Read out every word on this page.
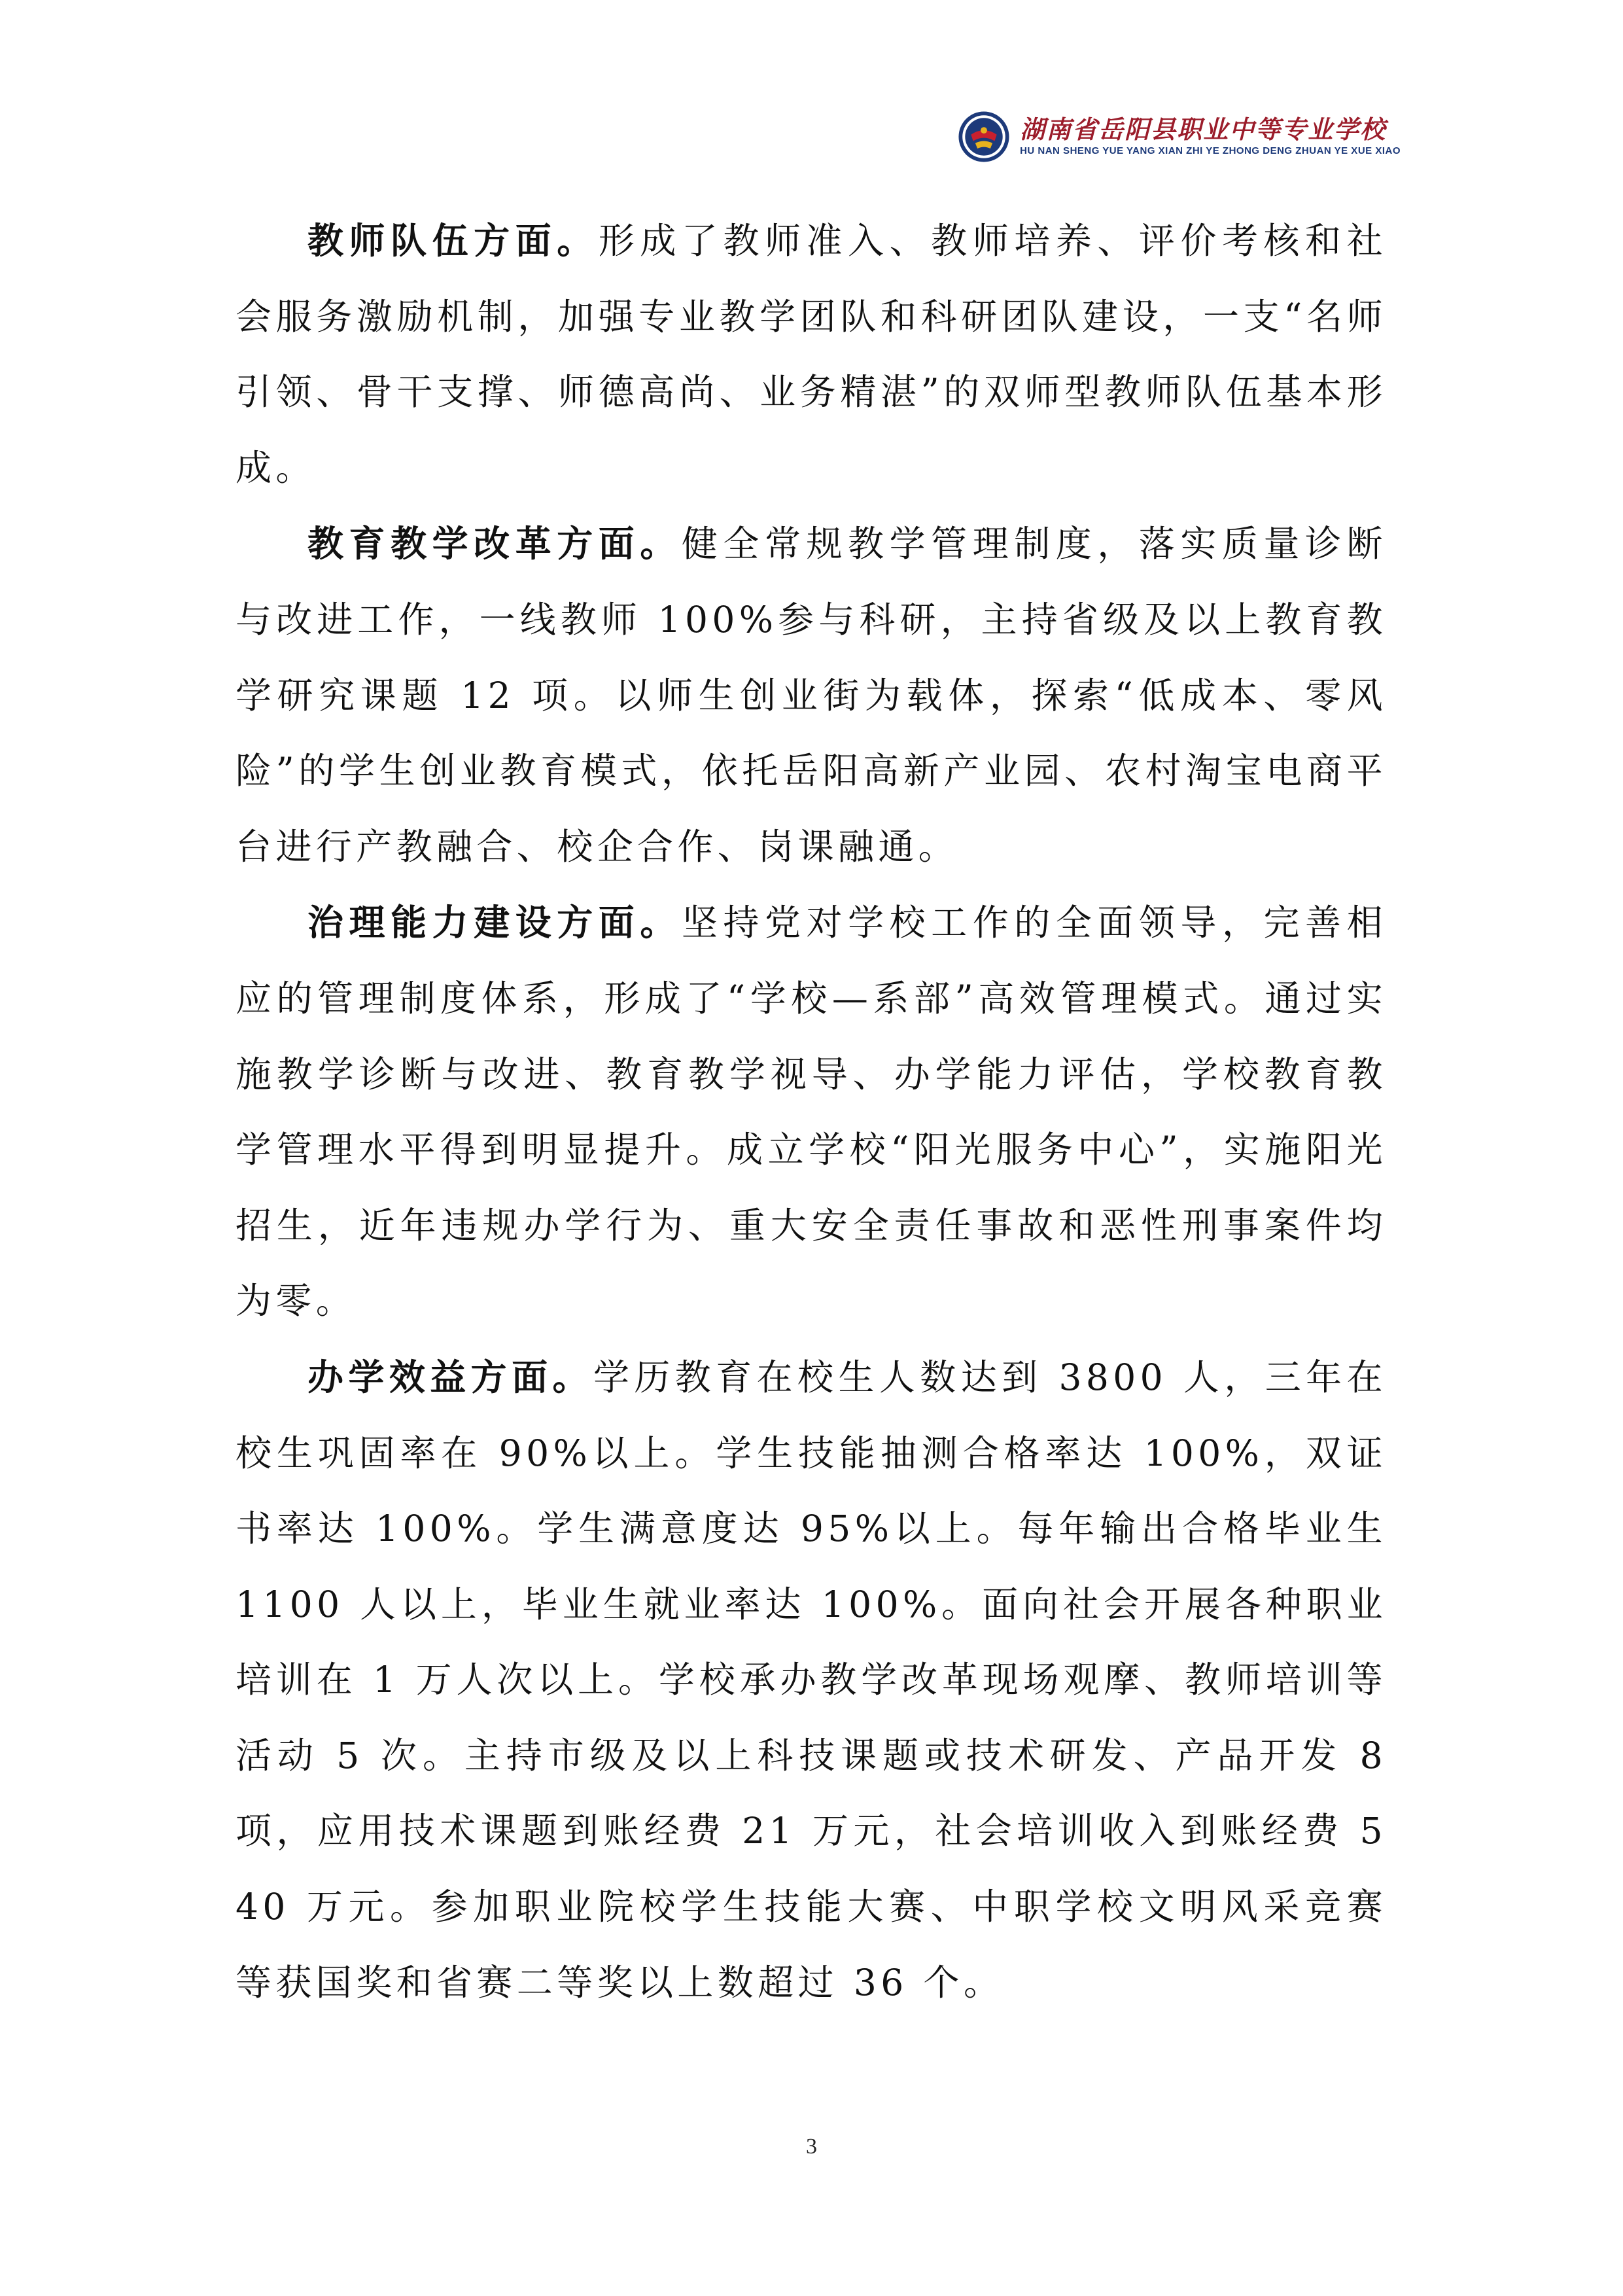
湖南省岳阳县职业中等专业学校
HU NAN SHENG YUE YANG XIAN ZHI YE ZHONG DENG ZHUAN YE XUE XIAO

教师队伍方面。形成了教师准入、教师培养、评价考核和社会服务激励机制，加强专业教学团队和科研团队建设，一支“名师引领、骨干支撑、师德高尚、业务精湛”的双师型教师队伍基本形成。

教育教学改革方面。健全常规教学管理制度，落实质量诊断与改进工作，一线教师 100%参与科研，主持省级及以上教育教学研究课题 12 项。以师生创业街为载体，探索“低成本、零风险”的学生创业教育模式，依托岳阳高新产业园、农村淘宝电商平台进行产教融合、校企合作、岗课融通。

治理能力建设方面。坚持党对学校工作的全面领导，完善相应的管理制度体系，形成了“学校—系部”高效管理模式。通过实施教学诊断与改进、教育教学视导、办学能力评估，学校教育教学管理水平得到明显提升。成立学校“阳光服务中心”，实施阳光招生，近年违规办学行为、重大安全责任事故和恶性刑事案件均为零。

办学效益方面。学历教育在校生人数达到 3800 人，三年在校生巩固率在 90%以上。学生技能抽测合格率达 100%，双证书率达 100%。学生满意度达 95%以上。每年输出合格毕业生 1100 人以上，毕业生就业率达 100%。面向社会开展各种职业培训在 1 万人次以上。学校承办教学改革现场观摩、教师培训等活动 5 次。主持市级及以上科技课题或技术研发、产品开发 8 项，应用技术课题到账经费 21 万元，社会培训收入到账经费 540 万元。参加职业院校学生技能大赛、中职学校文明风采竞赛等获国奖和省赛二等奖以上数超过 36 个。

3
